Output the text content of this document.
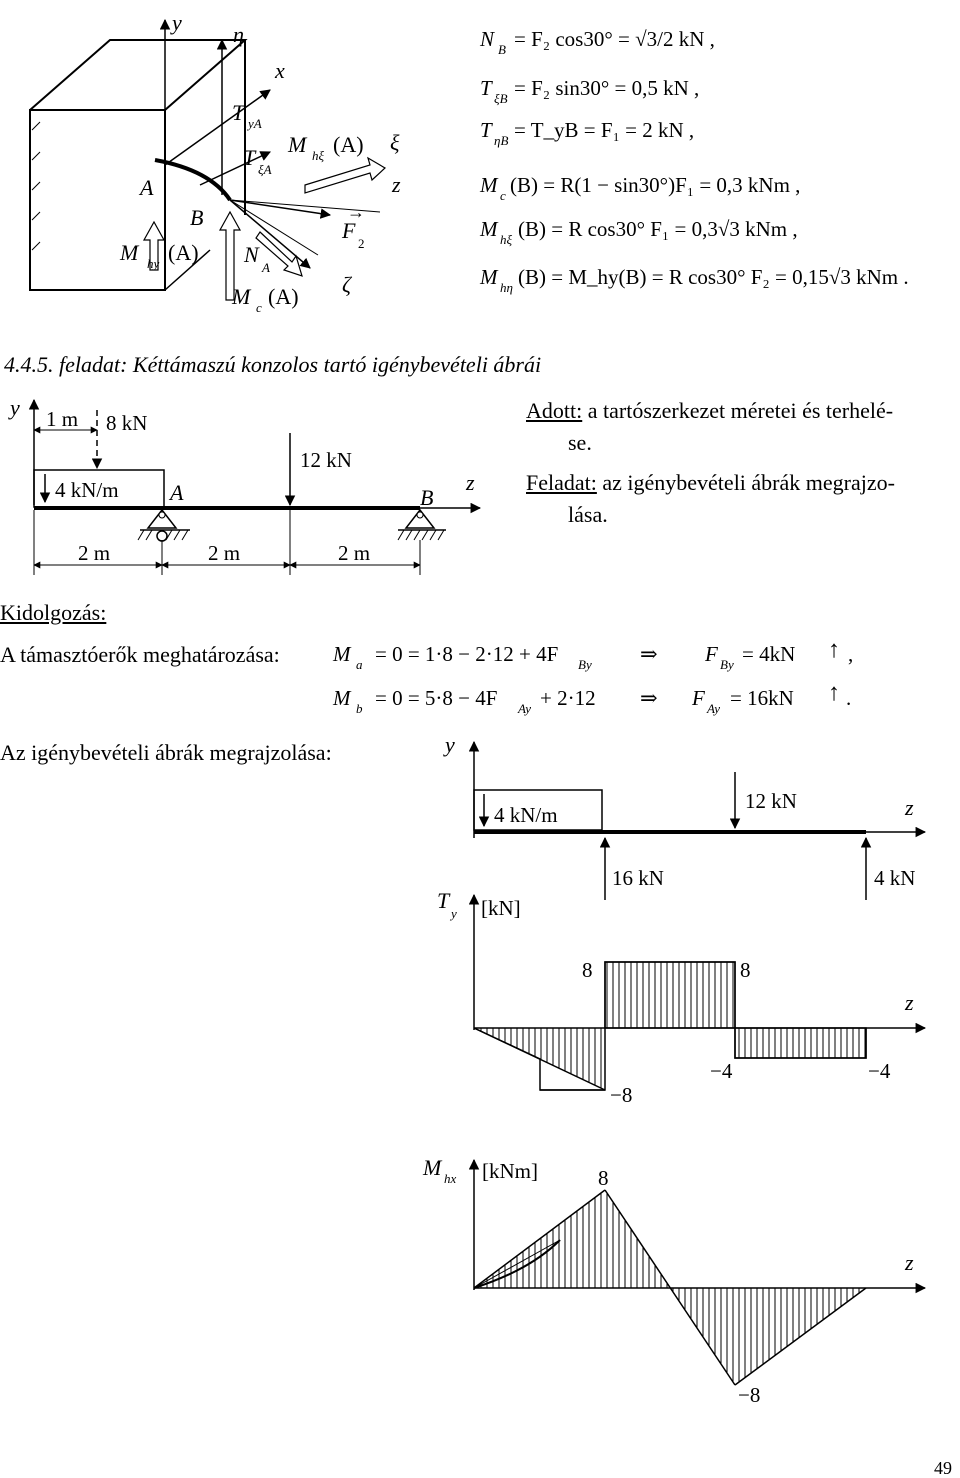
y η
x
T yA
T ξA
M hξ (A) ξ
z
A
B
F
2
→
M hy (A) N
A
M c (A) ζ
N B = F₂ cos30° = √3/2 kN ,
T ξB = F₂ sin30° = 0,5 kN ,
T ηB = T_yB = F₁ = 2 kN ,
M c (B) = R(1 − sin30°)F₁ = 0,3 kNm ,
M hξ (B) = R cos30° F₁ = 0,3√3 kNm ,
M hη (B) = M_hy(B) = R cos30° F₂ = 0,15√3 kNm .
y 1 m 8 kN
4 kN/m A
12 kN
B
z
2 m	2 m	2 m
M a = 0 = 1·8 − 2·12 + 4F By ⇒ F By = 4kN ↑ ,
M b = 0 = 5·8 − 4F Ay + 2·12 ⇒ F Ay = 16kN ↑ .
y
4 kN/m
12 kN	z
16 kN	4 kN
T
y [kN]
z
8	8
−8
−4	−4
M hx [kNm]
z
8
−8
49
4.4.5. feladat: Kéttámaszú konzolos tartó igénybevételi ábrái
Adott: a tartószerkezet méretei és terhelé-
se.
Feladat: az igénybevételi ábrák megrajzo-
lása.
Kidolgozás:
A támasztóerők meghatározása:
Az igénybevételi ábrák megrajzolása:
